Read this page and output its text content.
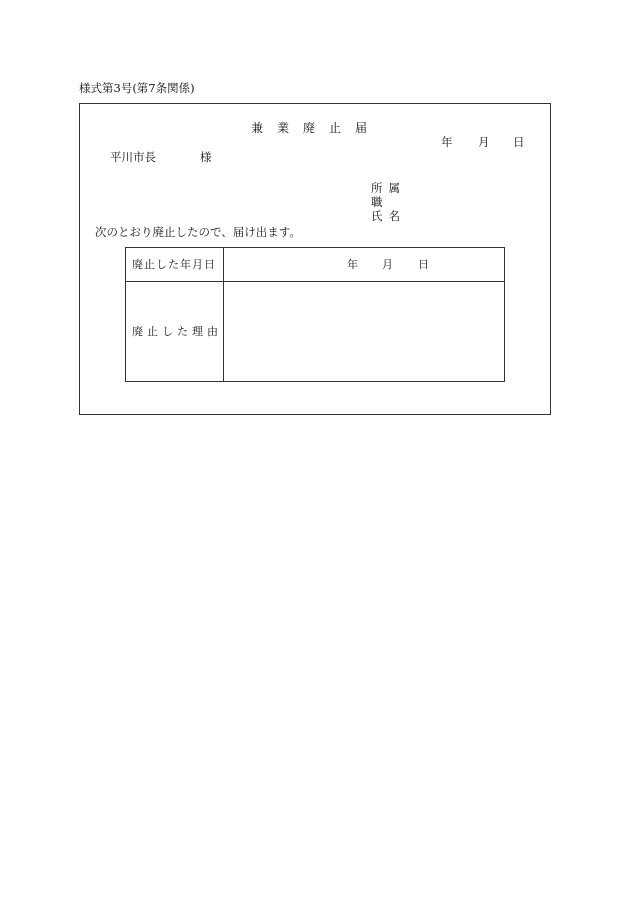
様式第3号(第7条関係)
兼業廃止届
年 月 日
平川市長	様
所属
職
氏名
次のとおり廃止したので、届け出ます。
廃止した年月日	年 月 日
廃止した理由
